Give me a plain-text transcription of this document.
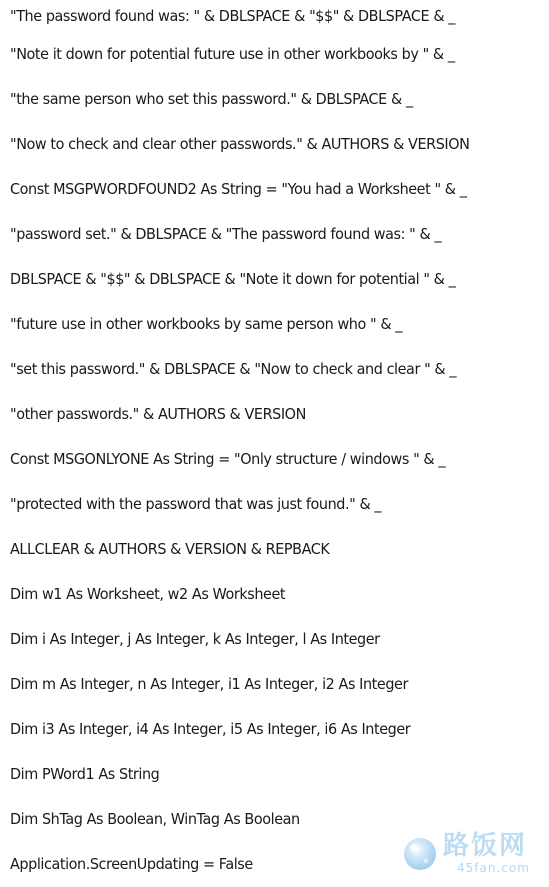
"The password found was: " & DBLSPACE & "$$" & DBLSPACE & _
"Note it down for potential future use in other workbooks by " & _
"the same person who set this password." & DBLSPACE & _
"Now to check and clear other passwords." & AUTHORS & VERSION
Const MSGPWORDFOUND2 As String = "You had a Worksheet " & _
"password set." & DBLSPACE & "The password found was: " & _
DBLSPACE & "$$" & DBLSPACE & "Note it down for potential " & _
"future use in other workbooks by same person who " & _
"set this password." & DBLSPACE & "Now to check and clear " & _
"other passwords." & AUTHORS & VERSION
Const MSGONLYONE As String = "Only structure / windows " & _
"protected with the password that was just found." & _
ALLCLEAR & AUTHORS & VERSION & REPBACK
Dim w1 As Worksheet, w2 As Worksheet
Dim i As Integer, j As Integer, k As Integer, l As Integer
Dim m As Integer, n As Integer, i1 As Integer, i2 As Integer
Dim i3 As Integer, i4 As Integer, i5 As Integer, i6 As Integer
Dim PWord1 As String
Dim ShTag As Boolean, WinTag As Boolean
Application.ScreenUpdating = False
路饭网
45fan.com
